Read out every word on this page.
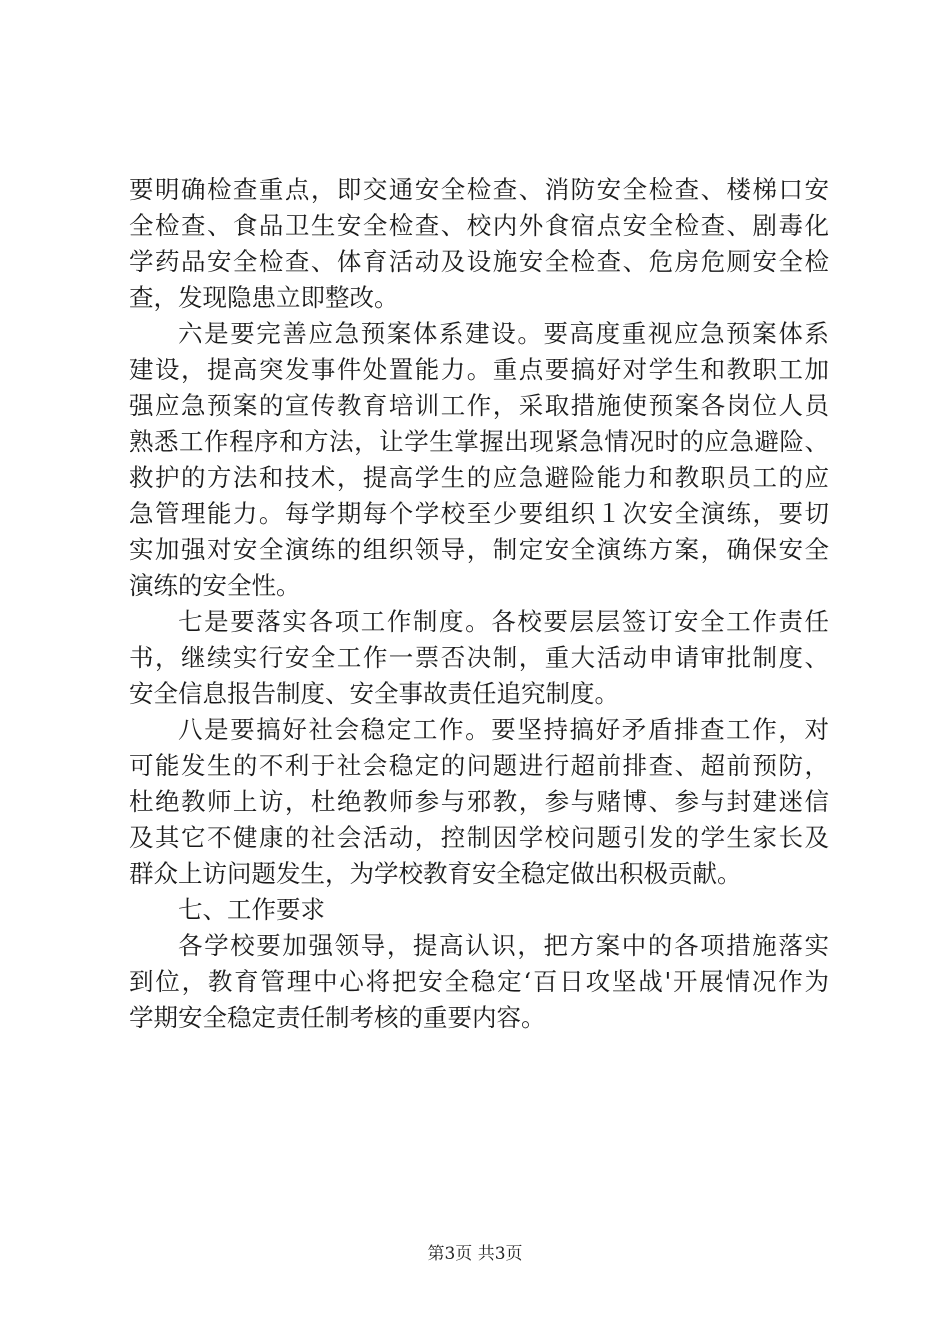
要明确检查重点，即交通安全检查、消防安全检查、楼梯口安
全检查、食品卫生安全检查、校内外食宿点安全检查、剧毒化
学药品安全检查、体育活动及设施安全检查、危房危厕安全检
查，发现隐患立即整改。
六是要完善应急预案体系建设。要高度重视应急预案体系
建设，提高突发事件处置能力。重点要搞好对学生和教职工加
强应急预案的宣传教育培训工作，采取措施使预案各岗位人员
熟悉工作程序和方法，让学生掌握出现紧急情况时的应急避险、
救护的方法和技术，提高学生的应急避险能力和教职员工的应
急管理能力。每学期每个学校至少要组织１次安全演练，要切
实加强对安全演练的组织领导，制定安全演练方案，确保安全
演练的安全性。
七是要落实各项工作制度。各校要层层签订安全工作责任
书，继续实行安全工作一票否决制，重大活动申请审批制度、
安全信息报告制度、安全事故责任追究制度。
八是要搞好社会稳定工作。要坚持搞好矛盾排查工作，对
可能发生的不利于社会稳定的问题进行超前排查、超前预防，
杜绝教师上访，杜绝教师参与邪教，参与赌博、参与封建迷信
及其它不健康的社会活动，控制因学校问题引发的学生家长及
群众上访问题发生，为学校教育安全稳定做出积极贡献。
七、工作要求
各学校要加强领导，提高认识，把方案中的各项措施落实
到位，教育管理中心将把安全稳定‘百日攻坚战'开展情况作为
学期安全稳定责任制考核的重要内容。
第3页 共3页
